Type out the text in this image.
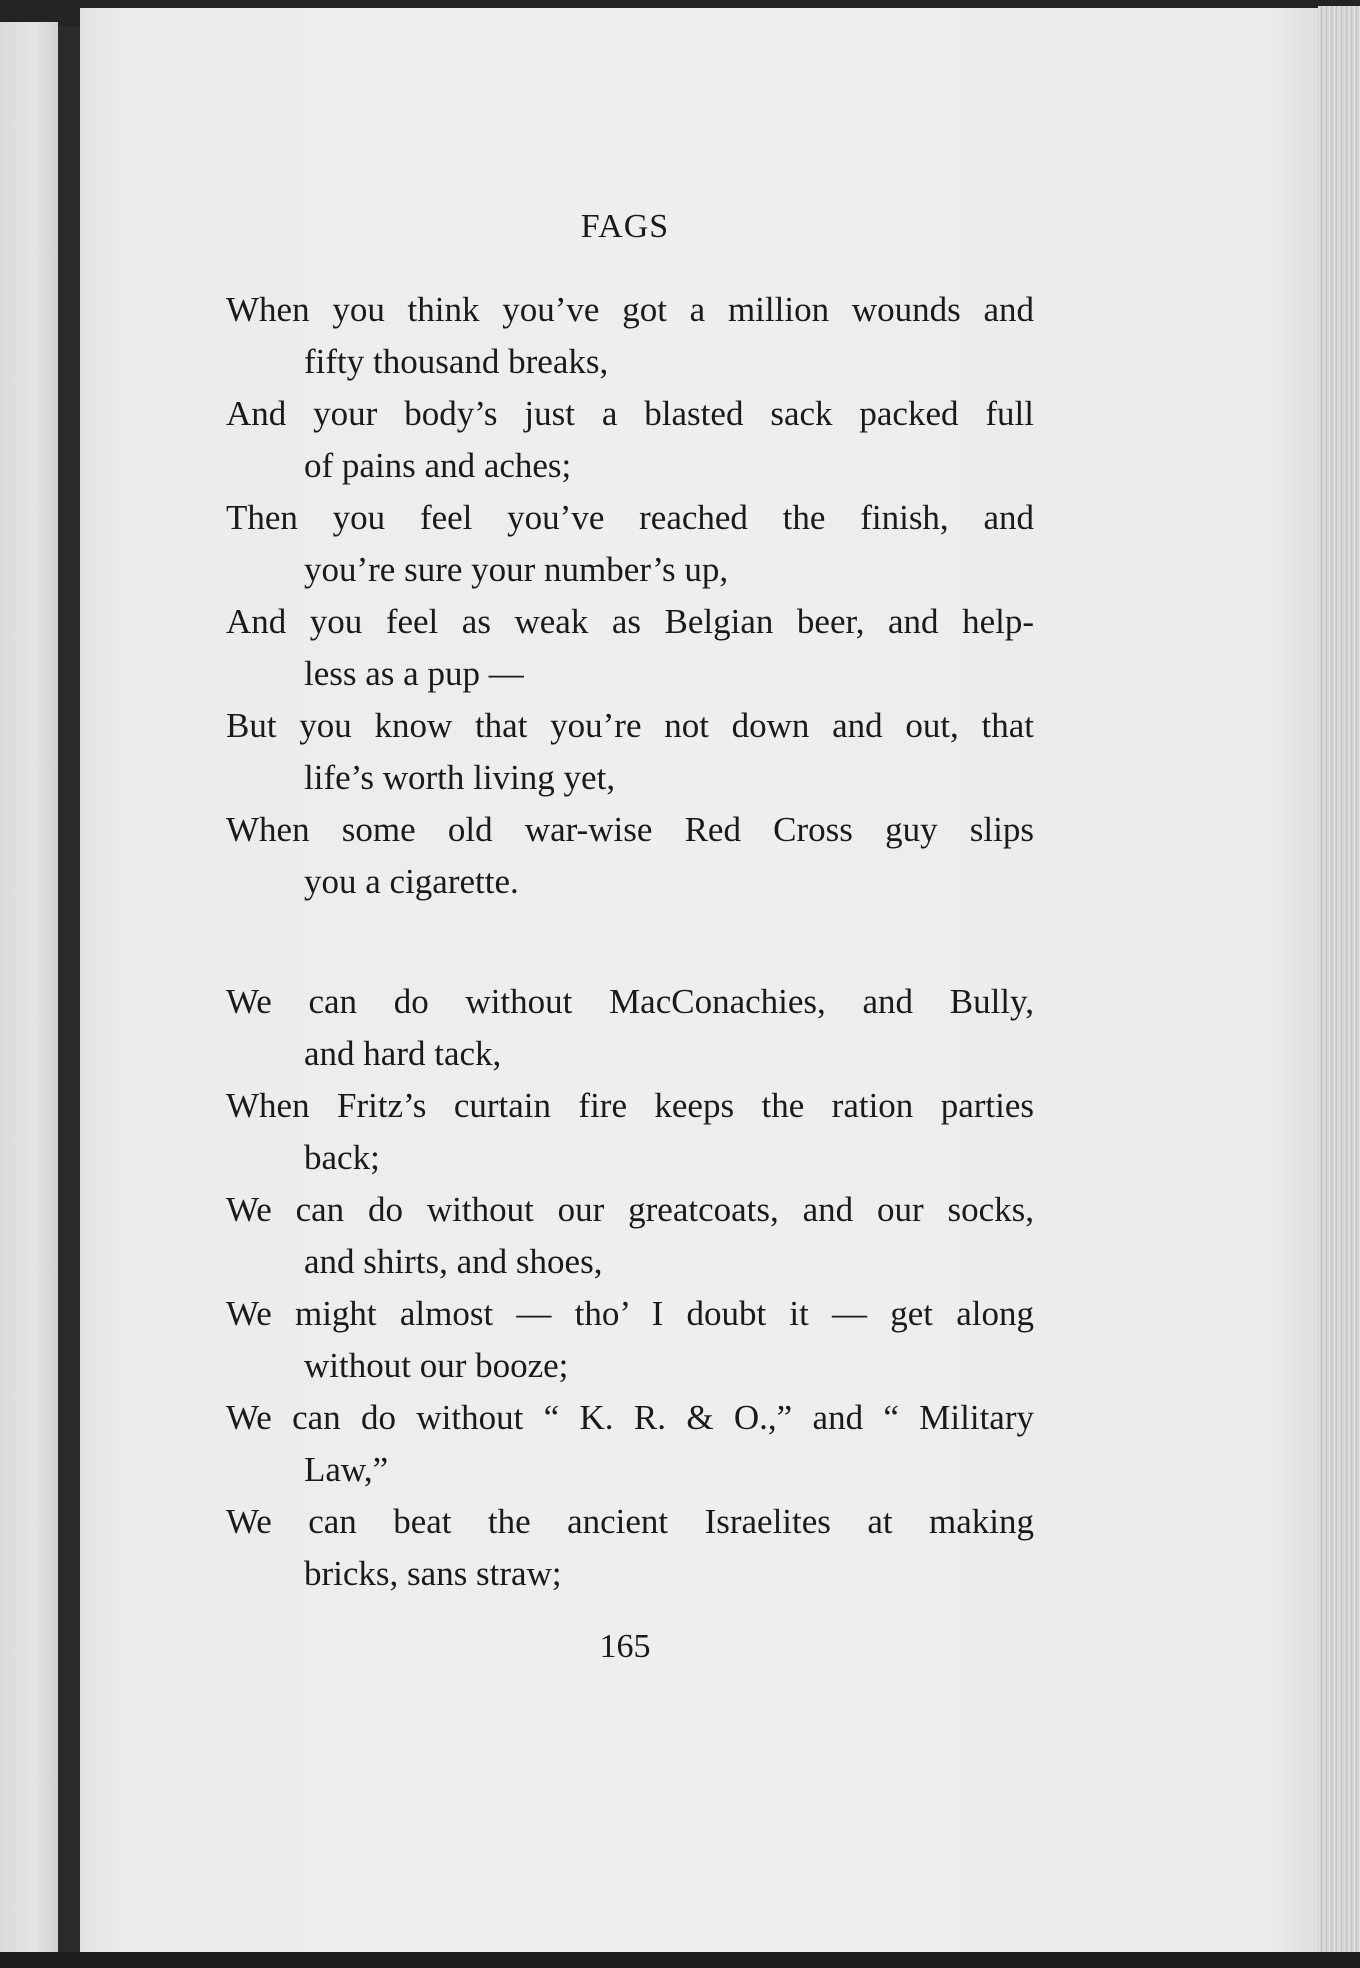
FAGS

When you think you’ve got a million wounds and
fifty thousand breaks,

And your body’s just a blasted sack packed full
of pains and aches;

Then you feel you’ve reached the finish, and
you’re sure your number’s up,

And you feel as weak as Belgian beer, and help-
less as a pup —

But you know that you’re not down and out, that
life’s worth living yet,

When some old war-wise Red Cross guy slips
you a cigarette.

We can do without MacConachies, and Bully,
and hard tack,

When Fritz’s curtain fire keeps the ration parties
back;

We can do without our greatcoats, and our socks,
and shirts, and shoes,

We might almost — tho’ I doubt it — get along
without our booze;

We can do without “ K. R. & O.,” and “ Military
Law,”

We can beat the ancient Israelites at making
bricks, sans straw;

165
